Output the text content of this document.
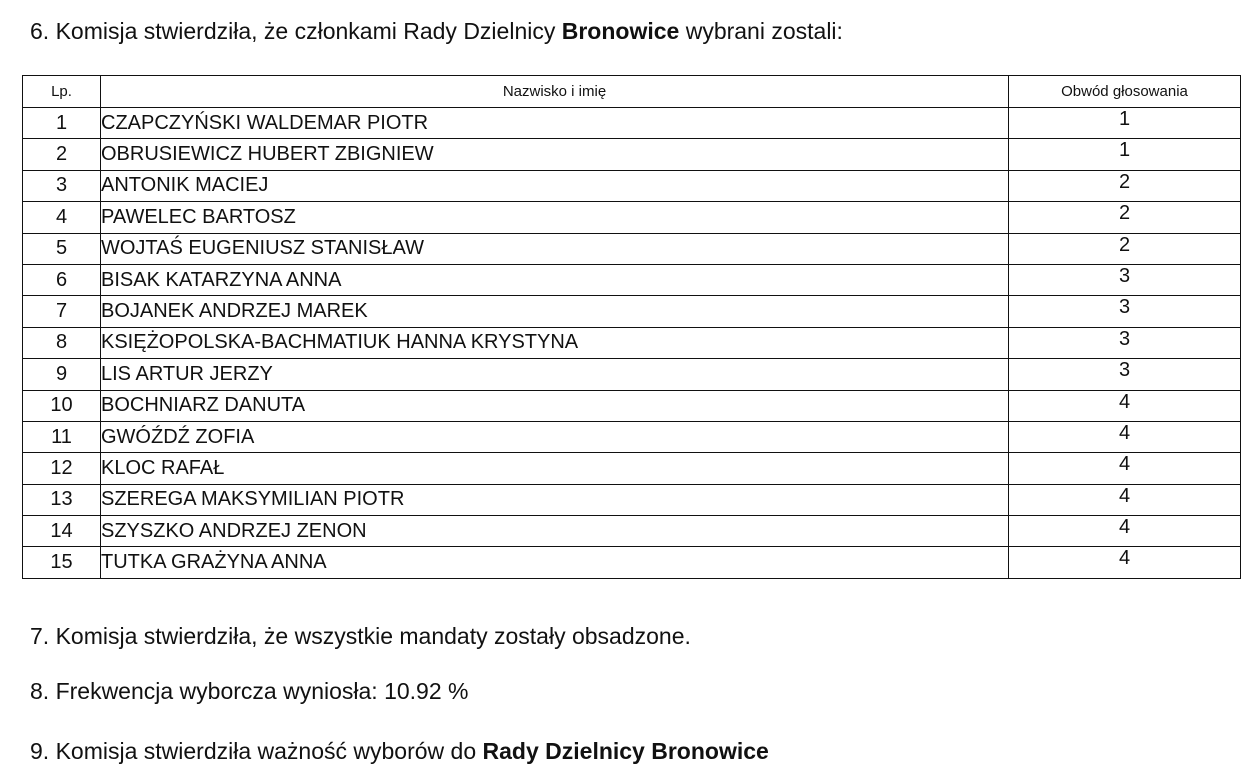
6. Komisja stwierdziła, że członkami Rady Dzielnicy Bronowice wybrani zostali:
Lp.	Nazwisko i imię	Obwód głosowania
1	CZAPCZYŃSKI WALDEMAR PIOTR	1
2	OBRUSIEWICZ HUBERT ZBIGNIEW	1
3	ANTONIK MACIEJ	2
4	PAWELEC BARTOSZ	2
5	WOJTAŚ EUGENIUSZ STANISŁAW	2
6	BISAK KATARZYNA ANNA	3
7	BOJANEK ANDRZEJ MAREK	3
8	KSIĘŻOPOLSKA-BACHMATIUK HANNA KRYSTYNA	3
9	LIS ARTUR JERZY	3
10	BOCHNIARZ DANUTA	4
11	GWÓŹDŹ ZOFIA	4
12	KLOC RAFAŁ	4
13	SZEREGA MAKSYMILIAN PIOTR	4
14	SZYSZKO ANDRZEJ ZENON	4
15	TUTKA GRAŻYNA ANNA	4
7. Komisja stwierdziła, że wszystkie mandaty zostały obsadzone.
8. Frekwencja wyborcza wyniosła: 10.92 %
9. Komisja stwierdziła ważność wyborów do Rady Dzielnicy Bronowice
